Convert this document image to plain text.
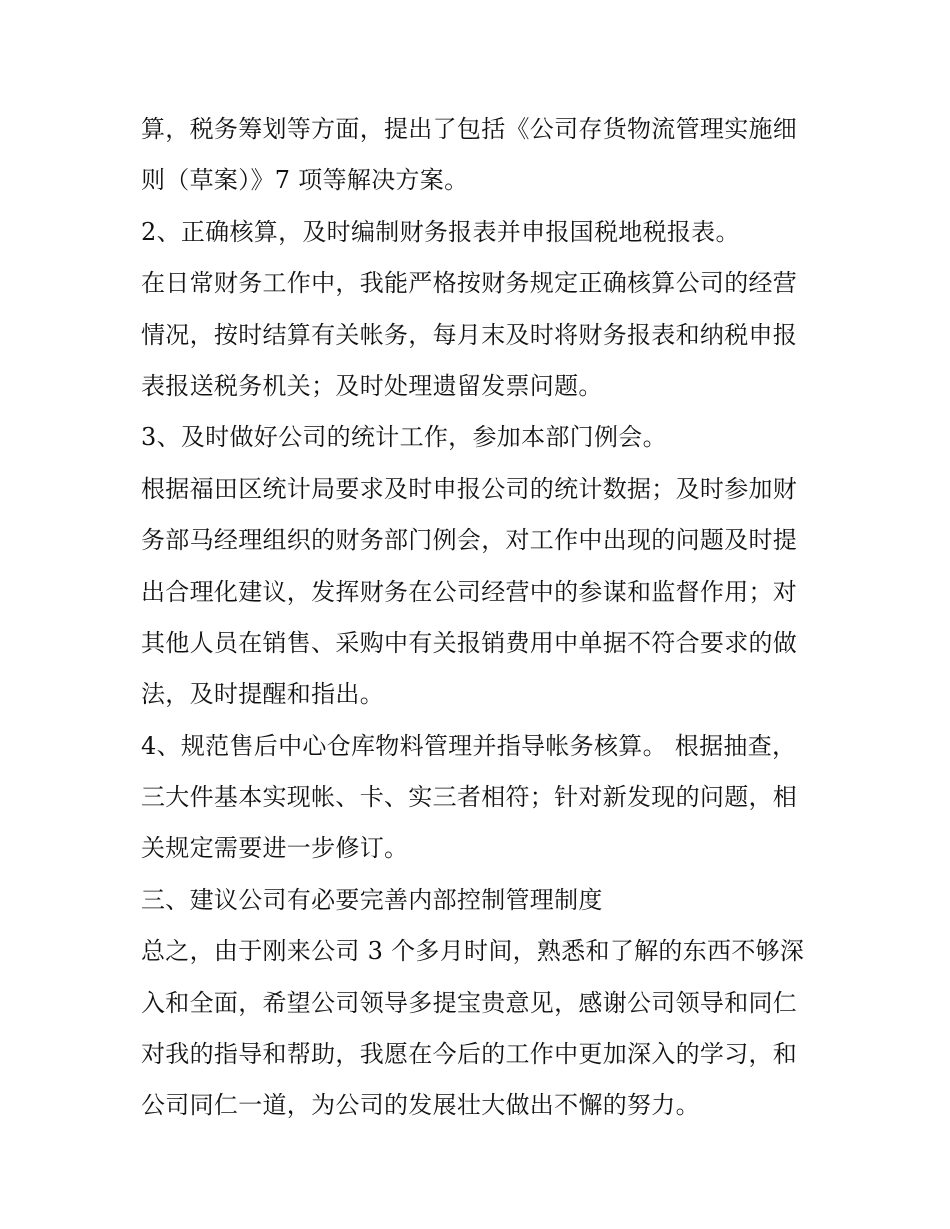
算，税务筹划等方面，提出了包括《公司存货物流管理实施细
则（草案）》7 项等解决方案。
2、正确核算，及时编制财务报表并申报国税地税报表。
在日常财务工作中，我能严格按财务规定正确核算公司的经营
情况，按时结算有关帐务，每月末及时将财务报表和纳税申报
表报送税务机关；及时处理遗留发票问题。
3、及时做好公司的统计工作，参加本部门例会。
根据福田区统计局要求及时申报公司的统计数据；及时参加财
务部马经理组织的财务部门例会，对工作中出现的问题及时提
出合理化建议，发挥财务在公司经营中的参谋和监督作用；对
其他人员在销售、采购中有关报销费用中单据不符合要求的做
法，及时提醒和指出。
4、规范售后中心仓库物料管理并指导帐务核算。 根据抽查，
三大件基本实现帐、卡、实三者相符；针对新发现的问题，相
关规定需要进一步修订。
三、建议公司有必要完善内部控制管理制度
总之，由于刚来公司 3 个多月时间，熟悉和了解的东西不够深
入和全面，希望公司领导多提宝贵意见，感谢公司领导和同仁
对我的指导和帮助，我愿在今后的工作中更加深入的学习，和
公司同仁一道，为公司的发展壮大做出不懈的努力。
